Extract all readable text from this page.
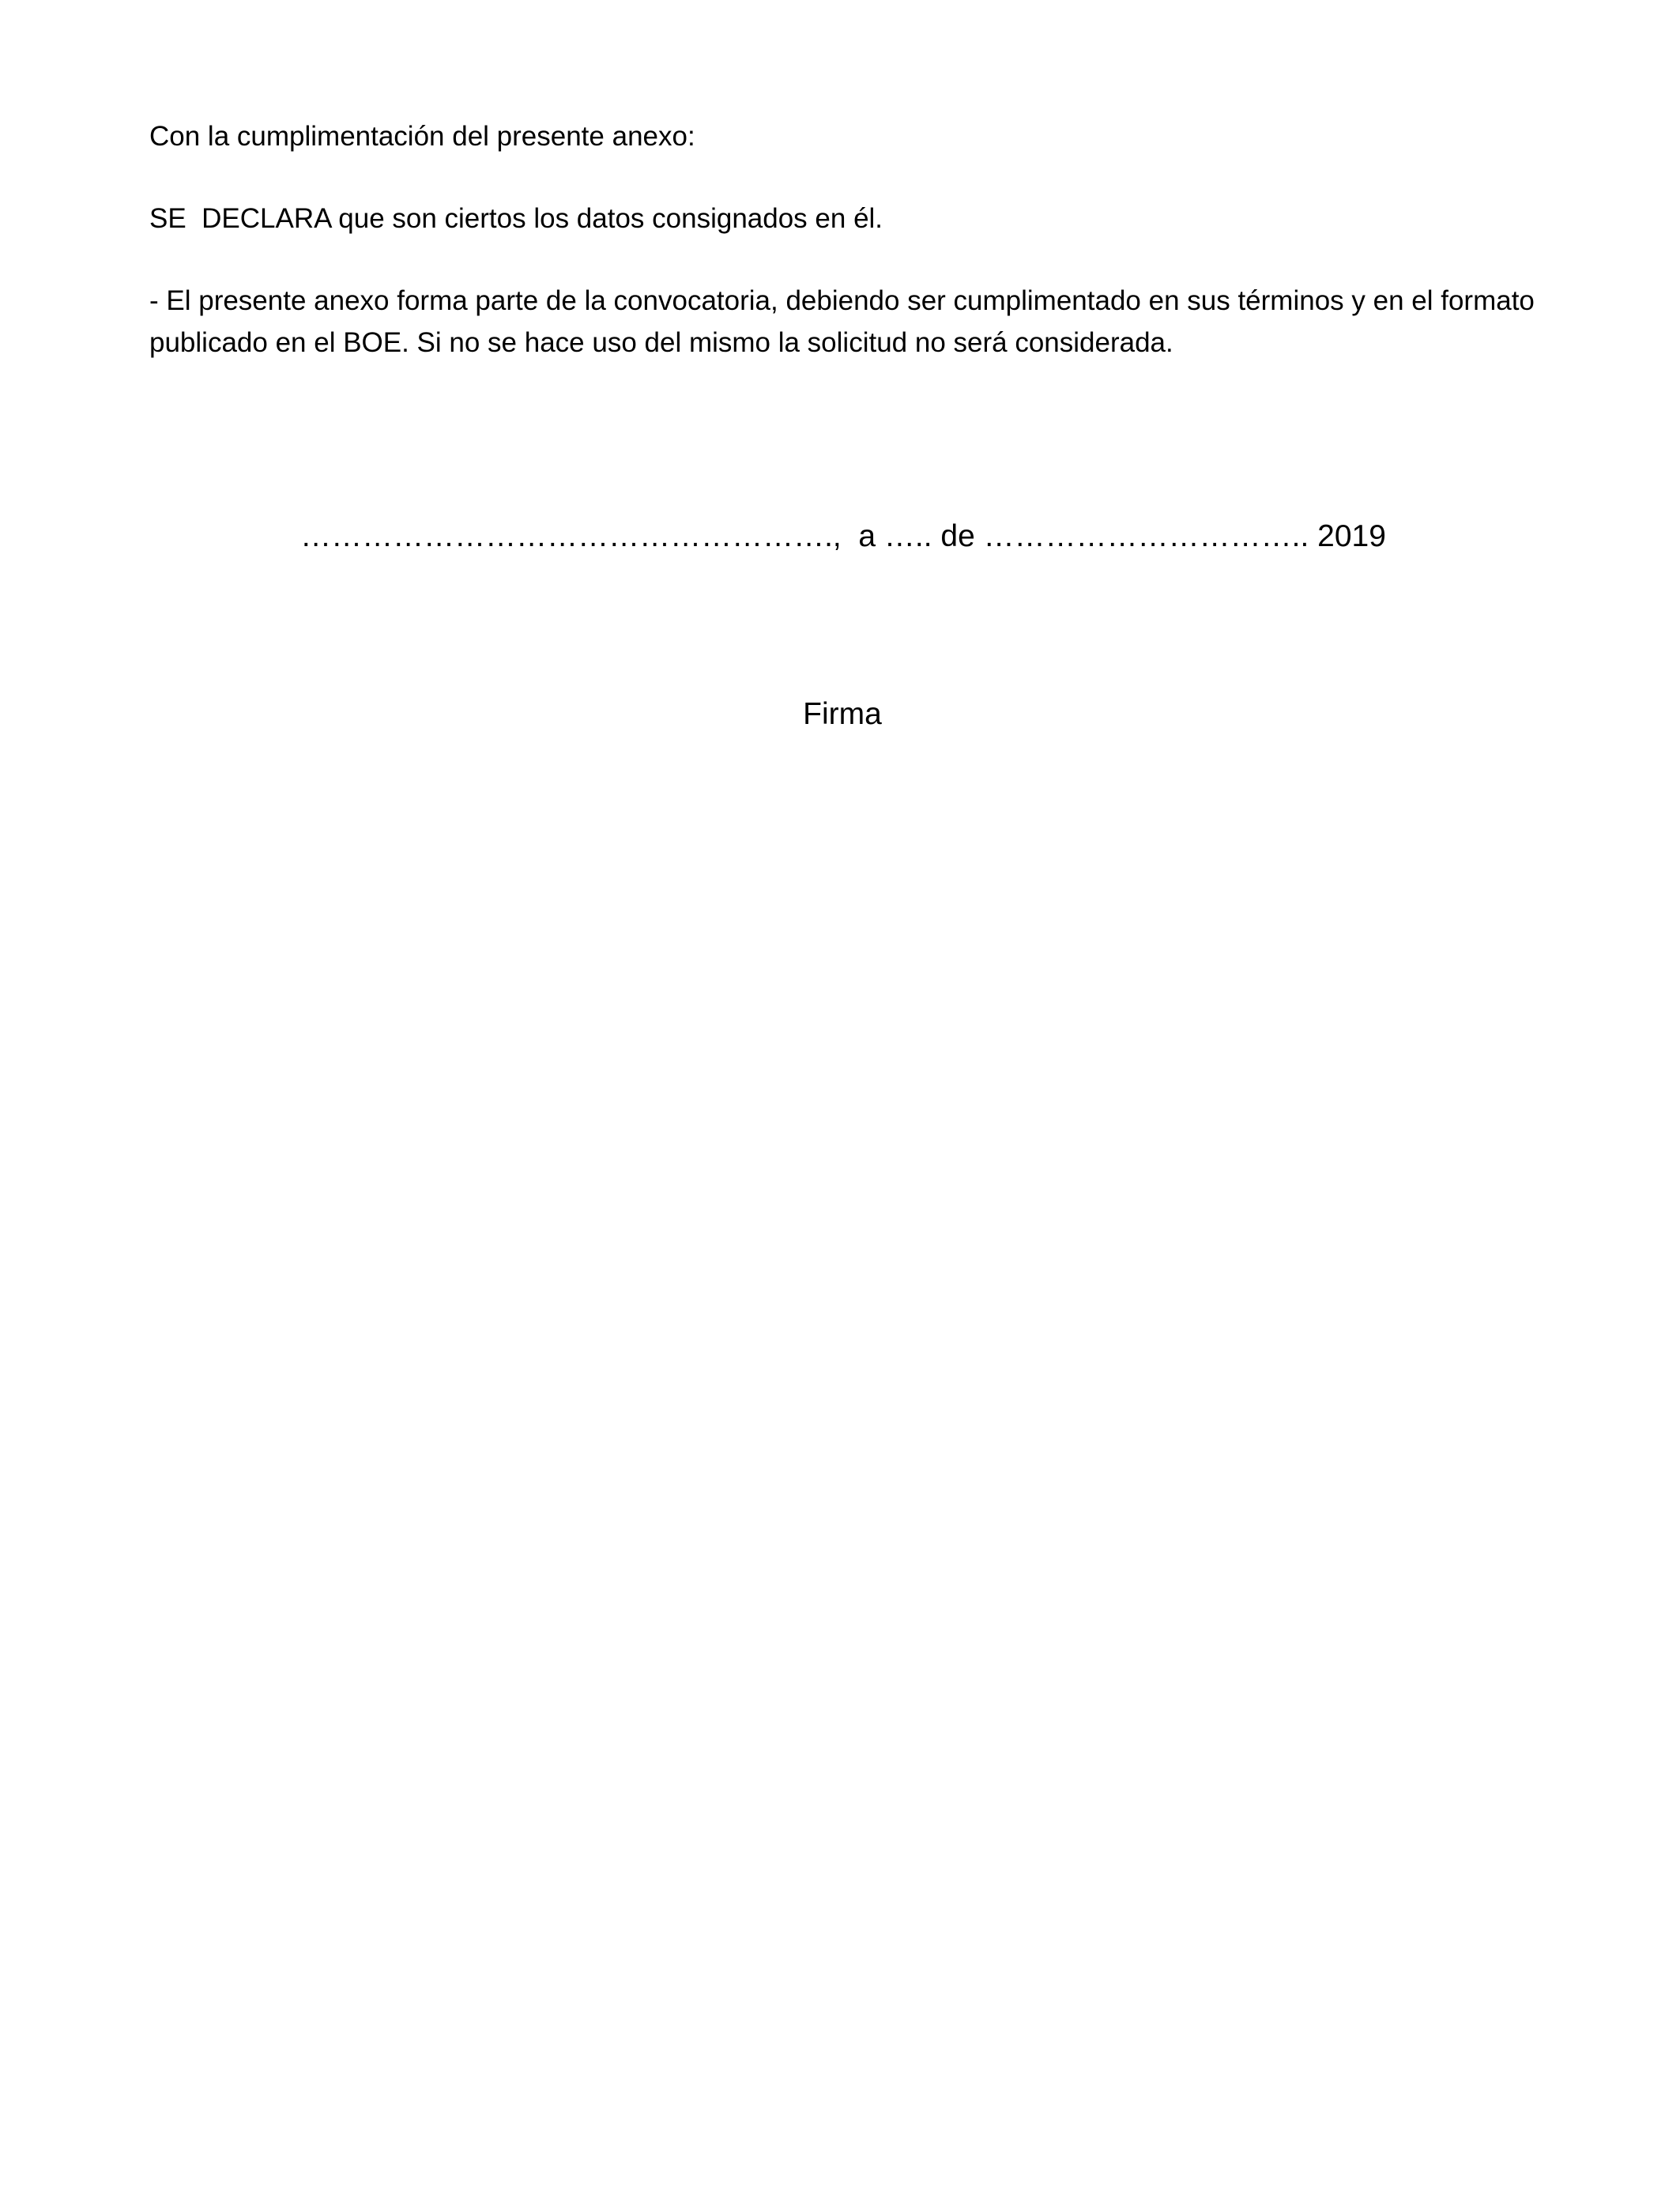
Con la cumplimentación del presente anexo:

SE  DECLARA que son ciertos los datos consignados en él.

- El presente anexo forma parte de la convocatoria, debiendo ser cumplimentado en sus términos y en el formato publicado en el BOE. Si no se hace uso del mismo la solicitud no será considerada.

…………………………………………….,  a ….. de ………………………….. 2019

Firma
